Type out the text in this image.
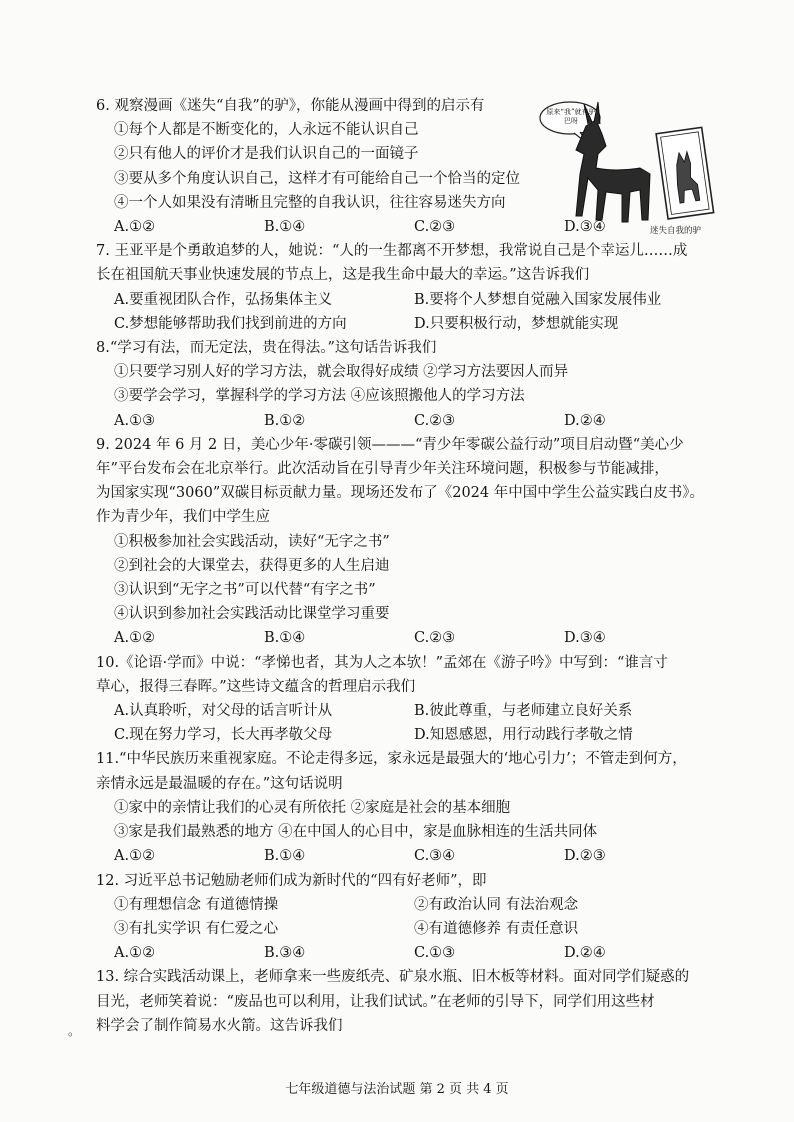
原来“我”就有驴巴呀
迷失自我的驴
6. 观察漫画《迷失“自我”的驴》，你能从漫画中得到的启示有
①每个人都是不断变化的，人永远不能认识自己
②只有他人的评价才是我们认识自己的一面镜子
③要从多个角度认识自己，这样才有可能给自己一个恰当的定位
④一个人如果没有清晰且完整的自我认识，往往容易迷失方向
A.①②	B.①④	C.②③	D.③④
7. 王亚平是个勇敢追梦的人，她说：“人的一生都离不开梦想，我常说自己是个幸运儿……成
长在祖国航天事业快速发展的节点上，这是我生命中最大的幸运。”这告诉我们
A.要重视团队合作，弘扬集体主义	B.要将个人梦想自觉融入国家发展伟业
C.梦想能够帮助我们找到前进的方向	D.只要积极行动，梦想就能实现
8.“学习有法，而无定法，贵在得法。”这句话告诉我们
①只要学习别人好的学习方法，就会取得好成绩 ②学习方法要因人而异
③要学会学习，掌握科学的学习方法 ④应该照搬他人的学习方法
A.①③	B.①②	C.②③	D.②④
9. 2024 年 6 月 2 日，美心少年·零碳引领———“青少年零碳公益行动”项目启动暨“美心少
年”平台发布会在北京举行。此次活动旨在引导青少年关注环境问题，积极参与节能减排，
为国家实现“3060”双碳目标贡献力量。现场还发布了《2024 年中国中学生公益实践白皮书》。
作为青少年，我们中学生应
①积极参加社会实践活动，读好“无字之书”
②到社会的大课堂去，获得更多的人生启迪
③认识到“无字之书”可以代替“有字之书”
④认识到参加社会实践活动比课堂学习重要
A.①②	B.①④	C.②③	D.③④
10.《论语·学而》中说：“孝悌也者，其为人之本欤！”孟郊在《游子吟》中写到：“谁言寸
草心，报得三春晖。”这些诗文蕴含的哲理启示我们
A.认真聆听，对父母的话言听计从	B.彼此尊重，与老师建立良好关系
C.现在努力学习，长大再孝敬父母	D.知恩感恩，用行动践行孝敬之情
11.“中华民族历来重视家庭。不论走得多远，家永远是最强大的‘地心引力’；不管走到何方，
亲情永远是最温暖的存在。”这句话说明
①家中的亲情让我们的心灵有所依托 ②家庭是社会的基本细胞
③家是我们最熟悉的地方 ④在中国人的心目中，家是血脉相连的生活共同体
A.①②	B.①④	C.③④	D.②③
12. 习近平总书记勉励老师们成为新时代的“四有好老师”，即
①有理想信念 有道德情操	②有政治认同 有法治观念
③有扎实学识 有仁爱之心	④有道德修养 有责任意识
A.①②	B.③④	C.①③	D.②④
13. 综合实践活动课上，老师拿来一些废纸壳、矿泉水瓶、旧木板等材料。面对同学们疑惑的
目光，老师笑着说：“废品也可以利用，让我们试试。”在老师的引导下，同学们用这些材
料学会了制作简易水火箭。这告诉我们
。
七年级道德与法治试题 第 2 页 共 4 页
